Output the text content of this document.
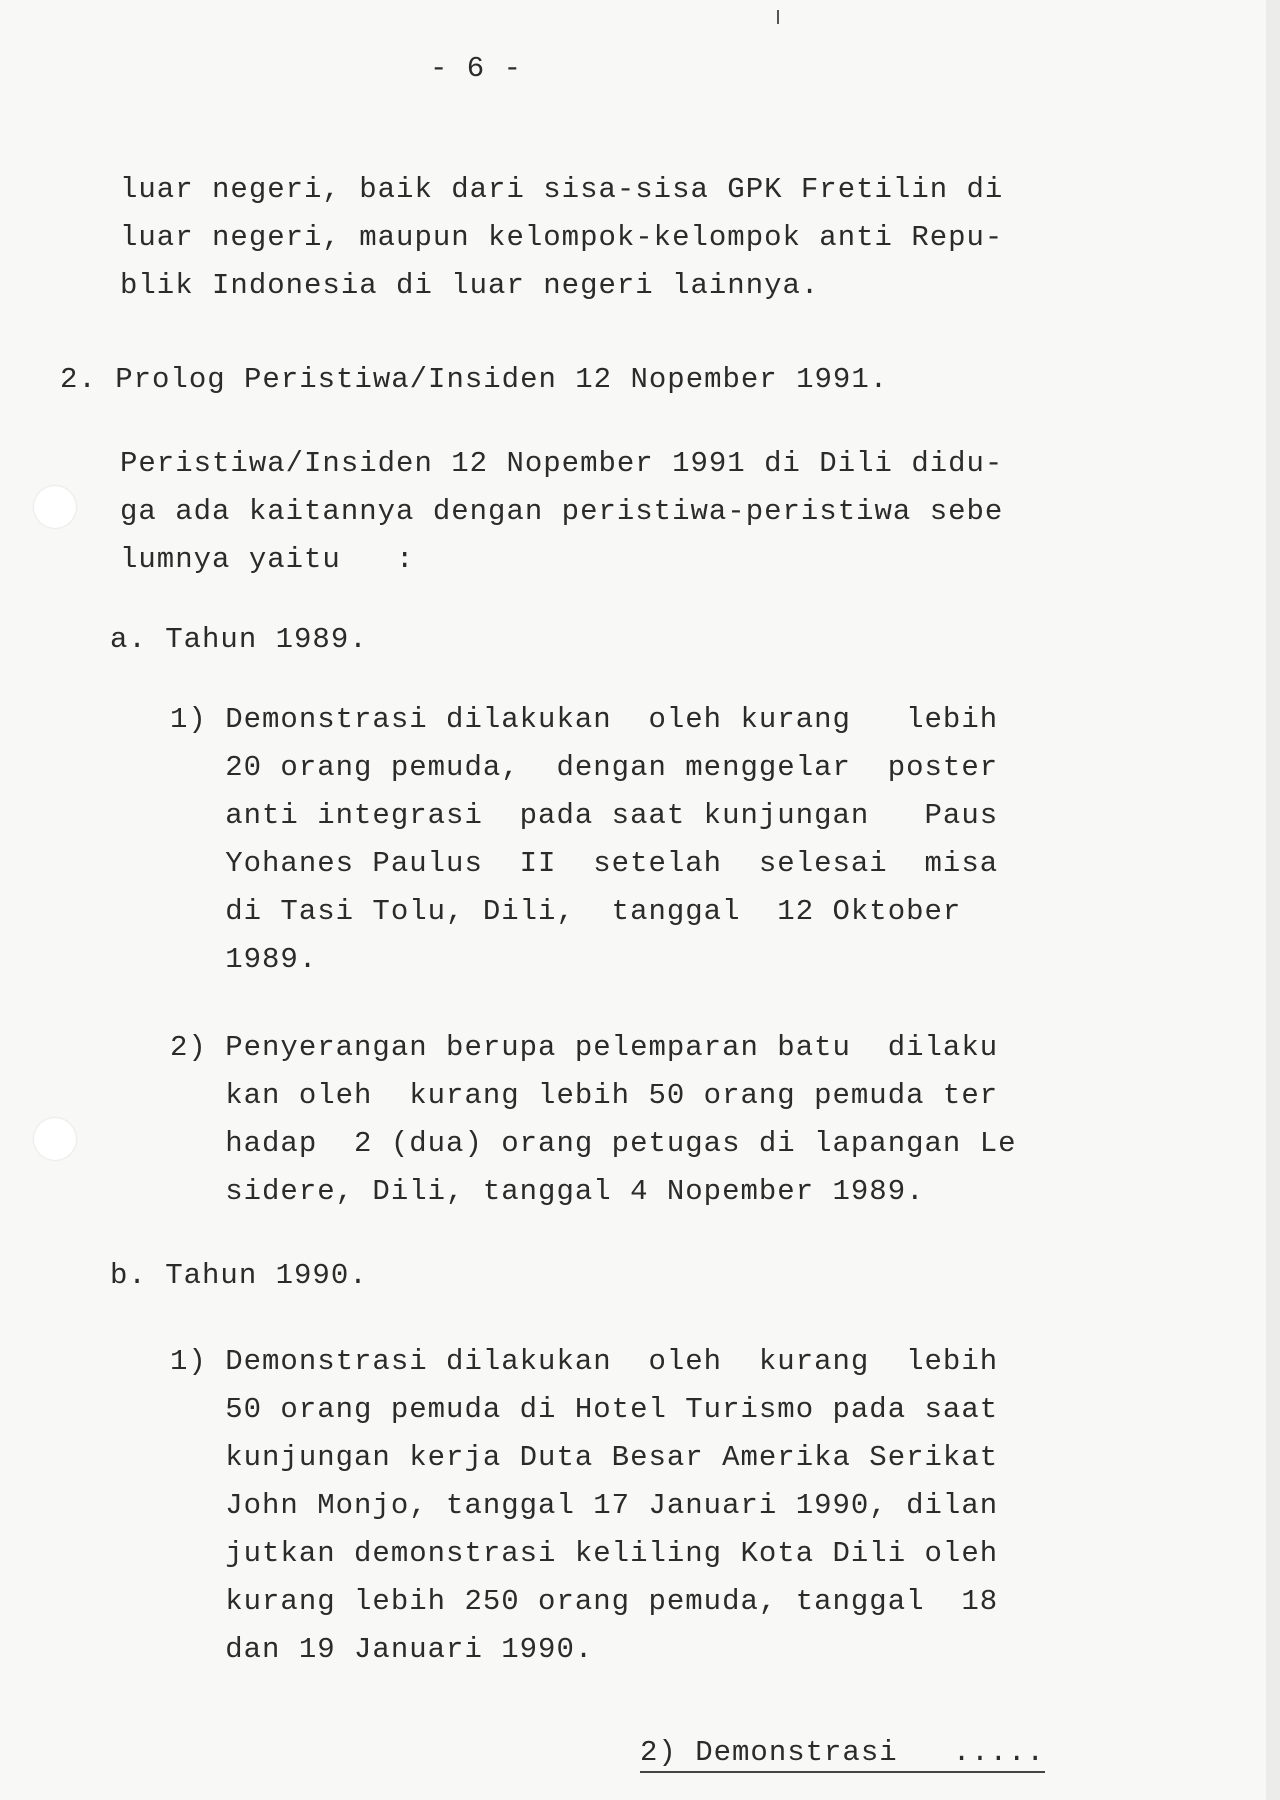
- 6 -
luar negeri, baik dari sisa-sisa GPK Fretilin di
luar negeri, maupun kelompok-kelompok anti Repu-
blik Indonesia di luar negeri lainnya.
2. Prolog Peristiwa/Insiden 12 Nopember 1991.
Peristiwa/Insiden 12 Nopember 1991 di Dili didu-
ga ada kaitannya dengan peristiwa-peristiwa sebe
lumnya yaitu   :
a. Tahun 1989.
1) Demonstrasi dilakukan  oleh kurang   lebih
20 orang pemuda,  dengan menggelar  poster
anti integrasi  pada saat kunjungan   Paus
Yohanes Paulus  II  setelah  selesai  misa
di Tasi Tolu, Dili,  tanggal  12 Oktober
1989.
2) Penyerangan berupa pelemparan batu  dilaku
kan oleh  kurang lebih 50 orang pemuda ter
hadap  2 (dua) orang petugas di lapangan Le
sidere, Dili, tanggal 4 Nopember 1989.
b. Tahun 1990.
1) Demonstrasi dilakukan  oleh  kurang  lebih
50 orang pemuda di Hotel Turismo pada saat
kunjungan kerja Duta Besar Amerika Serikat
John Monjo, tanggal 17 Januari 1990, dilan
jutkan demonstrasi keliling Kota Dili oleh
kurang lebih 250 orang pemuda, tanggal  18
dan 19 Januari 1990.
2) Demonstrasi   .....
